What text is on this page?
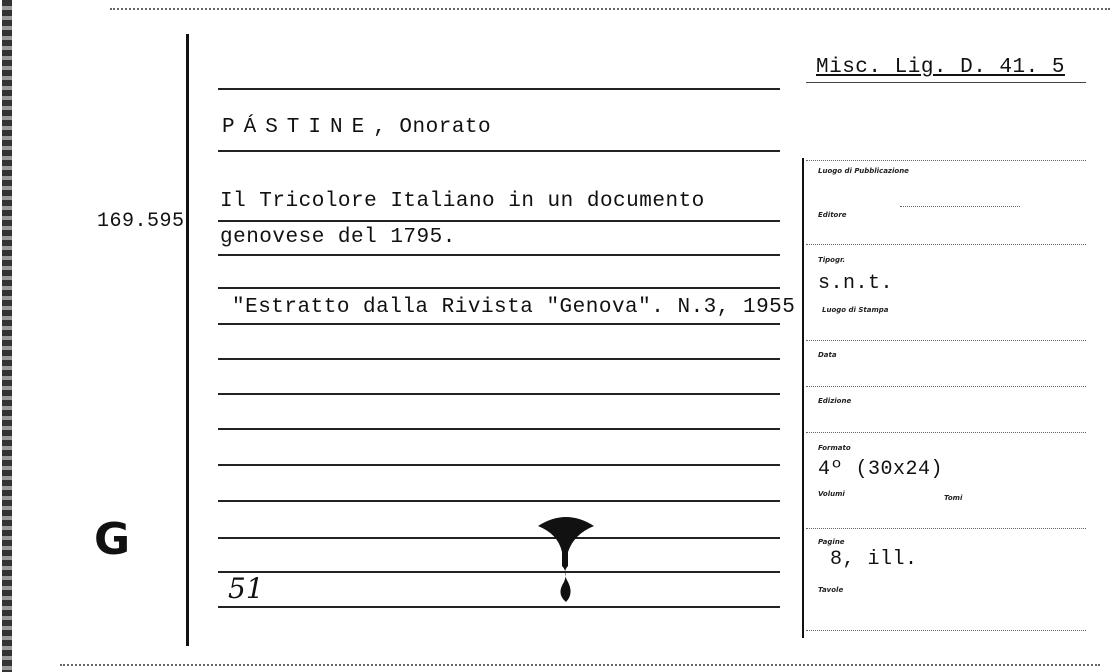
Misc. Lig. D. 41. 5
169.595
PÁSTINE, Onorato
Il Tricolore Italiano in un documento
genovese del 1795.
"Estratto dalla Rivista "Genova". N.3, 1955
G
51
Luogo di Pubblicazione
Editore
Tipogr.
s.n.t.
Luogo di Stampa
Data
Edizione
Formato
4º (30x24)
Volumi	Tomi
Pagine
8, ill.
Tavole
